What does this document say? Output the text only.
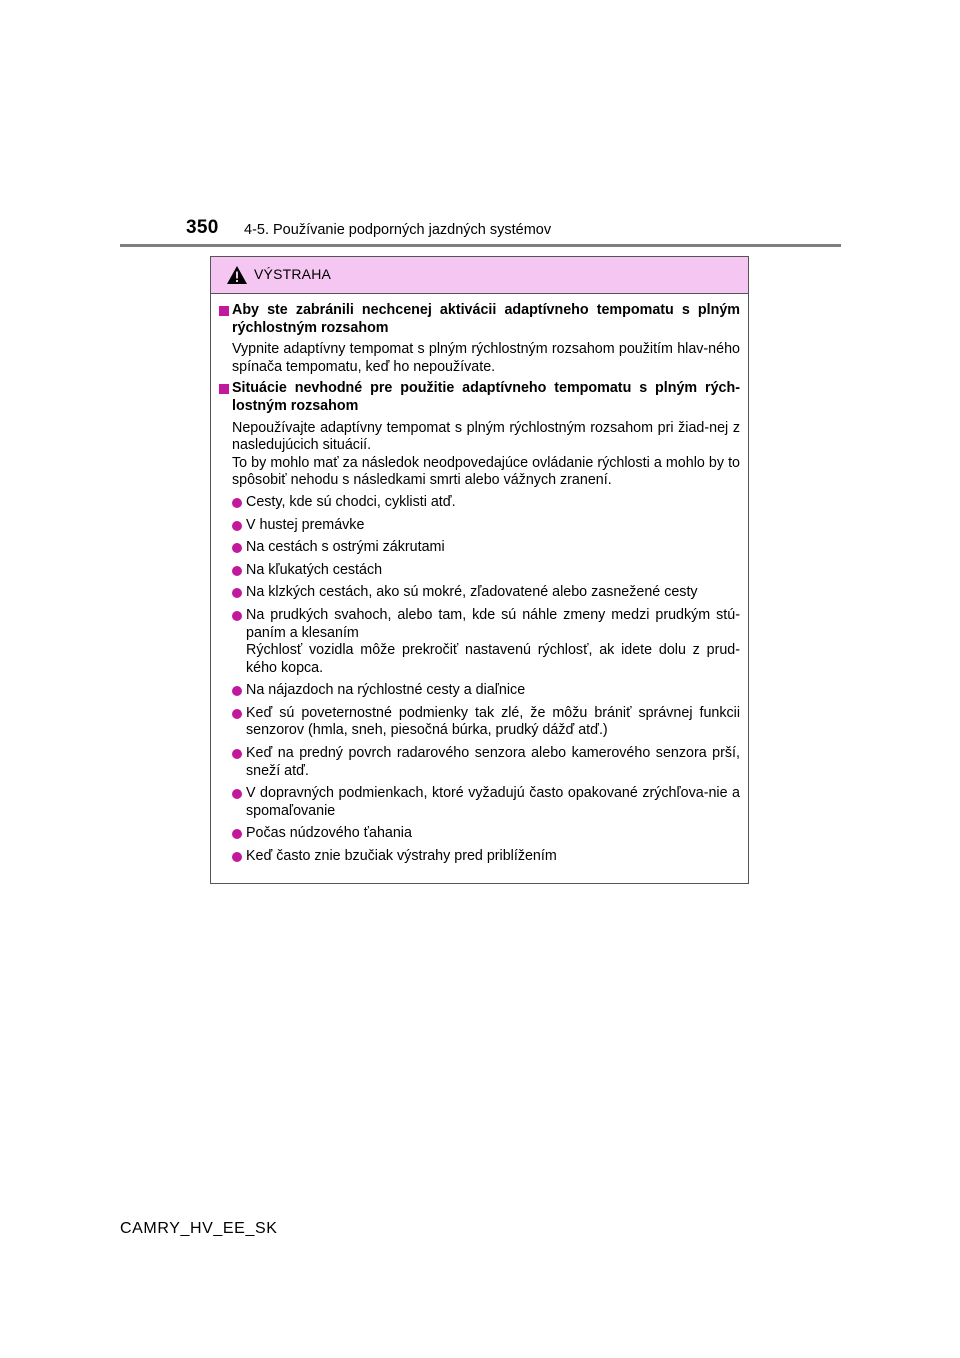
350 4-5. Používanie podporných jazdných systémov
VÝSTRAHA
Aby ste zabránili nechcenej aktivácii adaptívneho tempomatu s plným rýchlostným rozsahom
Vypnite adaptívny tempomat s plným rýchlostným rozsahom použitím hlav-ného spínača tempomatu, keď ho nepoužívate.
Situácie nevhodné pre použitie adaptívneho tempomatu s plným rých-lostným rozsahom
Nepoužívajte adaptívny tempomat s plným rýchlostným rozsahom pri žiad-nej z nasledujúcich situácií.
To by mohlo mať za následok neodpovedajúce ovládanie rýchlosti a mohlo by to spôsobiť nehodu s následkami smrti alebo vážnych zranení.
Cesty, kde sú chodci, cyklisti atď.
V hustej premávke
Na cestách s ostrými zákrutami
Na kľukatých cestách
Na klzkých cestách, ako sú mokré, zľadovatené alebo zasnežené cesty
Na prudkých svahoch, alebo tam, kde sú náhle zmeny medzi prudkým stú-paním a klesaním
Rýchlosť vozidla môže prekročiť nastavenú rýchlosť, ak idete dolu z prud-kého kopca.
Na nájazdoch na rýchlostné cesty a diaľnice
Keď sú poveternostné podmienky tak zlé, že môžu brániť správnej funkcii senzorov (hmla, sneh, piesočná búrka, prudký dážď atď.)
Keď na predný povrch radarového senzora alebo kamerového senzora prší, sneží atď.
V dopravných podmienkach, ktoré vyžadujú často opakované zrýchľova-nie a spomaľovanie
Počas núdzového ťahania
Keď často znie bzučiak výstrahy pred priblížením
CAMRY_HV_EE_SK
